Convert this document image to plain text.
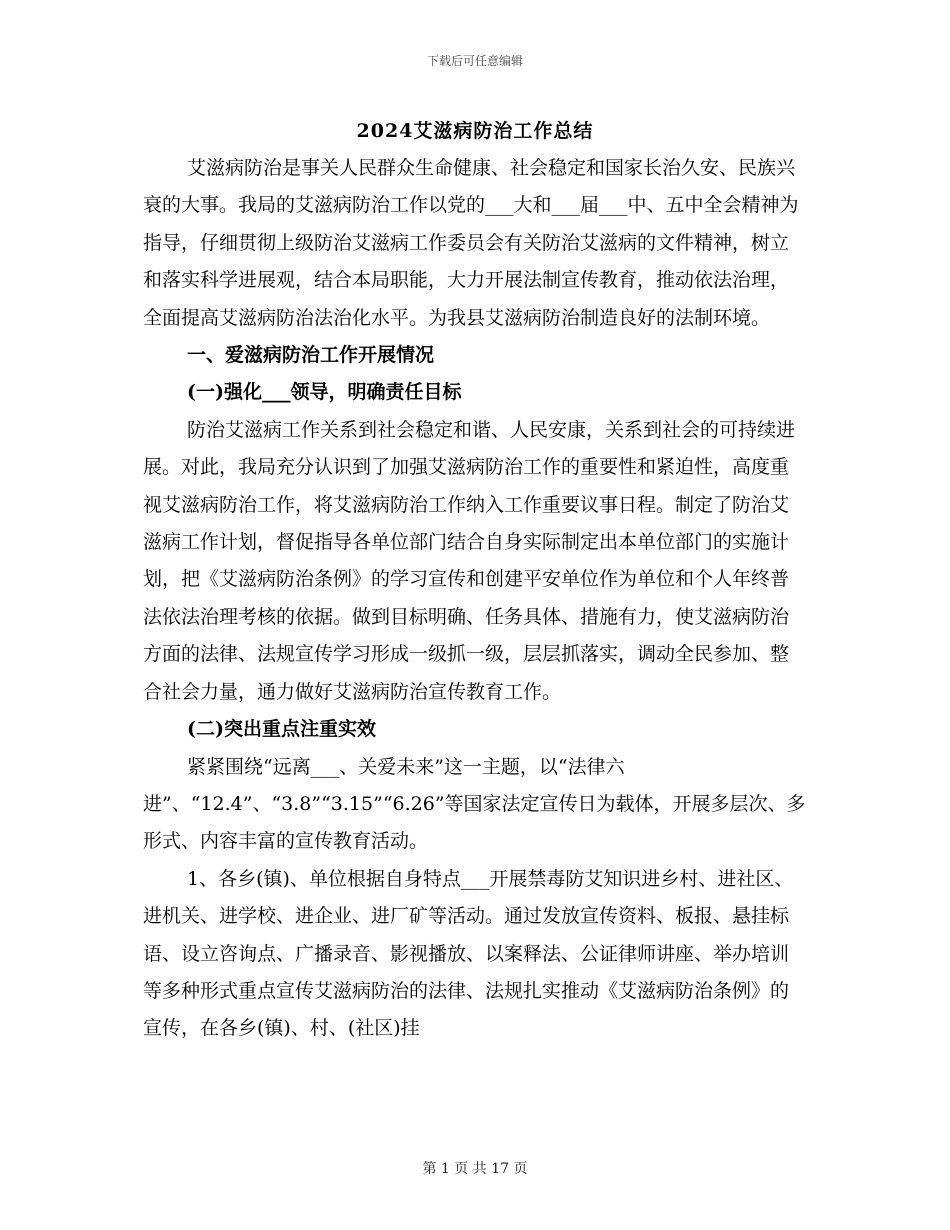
下载后可任意编辑
2024艾滋病防治工作总结

艾滋病防治是事关人民群众生命健康、社会稳定和国家长治久安、民族兴衰的大事。我局的艾滋病防治工作以党的___大和___届___中、五中全会精神为指导，仔细贯彻上级防治艾滋病工作委员会有关防治艾滋病的文件精神，树立和落实科学进展观，结合本局职能，大力开展法制宣传教育，推动依法治理，全面提高艾滋病防治法治化水平。为我县艾滋病防治制造良好的法制环境。

一、爱滋病防治工作开展情况

(一)强化___领导，明确责任目标

防治艾滋病工作关系到社会稳定和谐、人民安康，关系到社会的可持续进展。对此，我局充分认识到了加强艾滋病防治工作的重要性和紧迫性，高度重视艾滋病防治工作，将艾滋病防治工作纳入工作重要议事日程。制定了防治艾滋病工作计划，督促指导各单位部门结合自身实际制定出本单位部门的实施计划，把《艾滋病防治条例》的学习宣传和创建平安单位作为单位和个人年终普法依法治理考核的依据。做到目标明确、任务具体、措施有力，使艾滋病防治方面的法律、法规宣传学习形成一级抓一级，层层抓落实，调动全民参加、整合社会力量，通力做好艾滋病防治宣传教育工作。

(二)突出重点注重实效

紧紧围绕“远离___、关爱未来”这一主题，以“法律六进”、“12.4”、“3.8”“3.15”“6.26”等国家法定宣传日为载体，开展多层次、多形式、内容丰富的宣传教育活动。

1、各乡(镇)、单位根据自身特点___开展禁毒防艾知识进乡村、进社区、进机关、进学校、进企业、进厂矿等活动。通过发放宣传资料、板报、悬挂标语、设立咨询点、广播录音、影视播放、以案释法、公证律师讲座、举办培训等多种形式重点宣传艾滋病防治的法律、法规扎实推动《艾滋病防治条例》的宣传，在各乡(镇)、村、(社区)挂

第 1 页 共 17 页
